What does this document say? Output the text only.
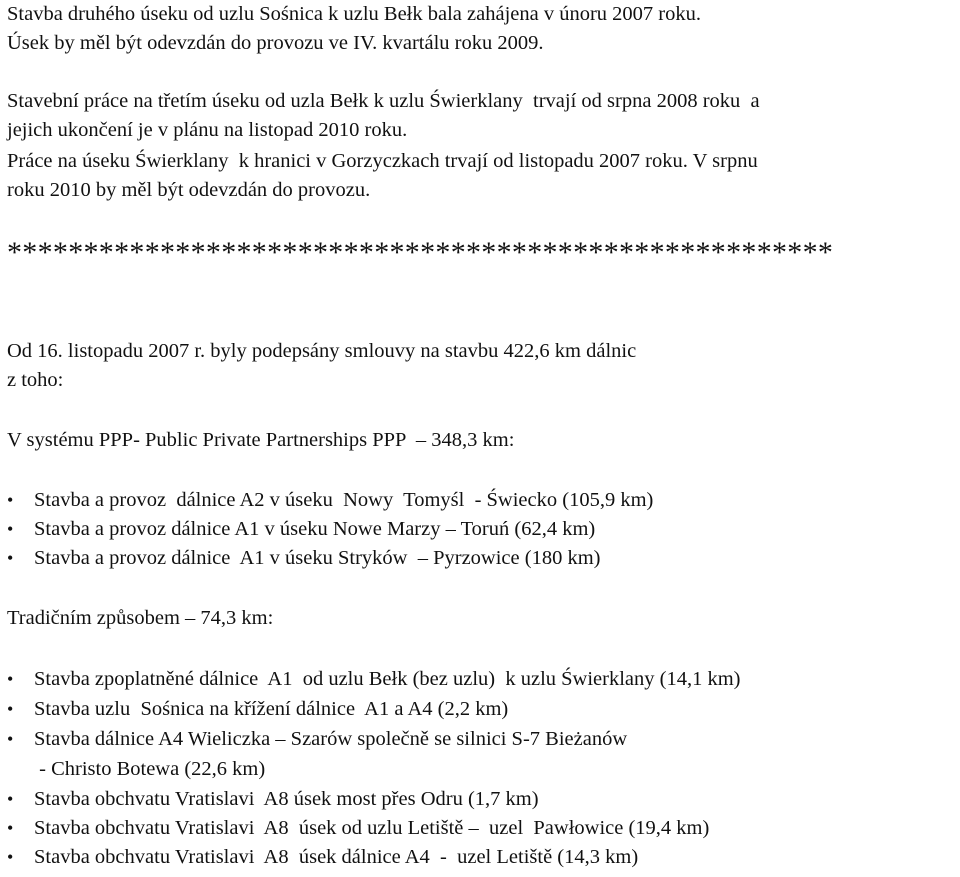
Stavba druhého úseku od uzlu Sośnica k uzlu Bełk bala zahájena v únoru 2007 roku.
Úsek by měl být odevzdán do provozu ve IV. kvartálu roku 2009.
Stavební práce na třetím úseku od uzla Bełk k uzlu Świerklany  trvají od srpna 2008 roku  a
jejich ukončení je v plánu na listopad 2010 roku.
Práce na úseku Świerklany  k hranici v Gorzyczkach trvají od listopadu 2007 roku. V srpnu
roku 2010 by měl být odevzdán do provozu.
******************************************************
Od 16. listopadu 2007 r. byly podepsány smlouvy na stavbu 422,6 km dálnic
z toho:
V systému PPP- Public Private Partnerships PPP  – 348,3 km:
• Stavba a provoz  dálnice A2 v úseku  Nowy  Tomyśl  - Świecko (105,9 km)
• Stavba a provoz dálnice A1 v úseku Nowe Marzy – Toruń (62,4 km)
• Stavba a provoz dálnice  A1 v úseku Stryków  – Pyrzowice (180 km)
Tradičním způsobem – 74,3 km:
• Stavba zpoplatněné dálnice  A1  od uzlu Bełk (bez uzlu)  k uzlu Świerklany (14,1 km)
• Stavba uzlu  Sośnica na křížení dálnice  A1 a A4 (2,2 km)
• Stavba dálnice A4 Wieliczka – Szarów společně se silnici S-7 Bieżanów
- Christo Botewa (22,6 km)
• Stavba obchvatu Vratislavi  A8 úsek most přes Odru (1,7 km)
• Stavba obchvatu Vratislavi  A8  úsek od uzlu Letiště –  uzel  Pawłowice (19,4 km)
• Stavba obchvatu Vratislavi  A8  úsek dálnice A4  -  uzel Letiště (14,3 km)
